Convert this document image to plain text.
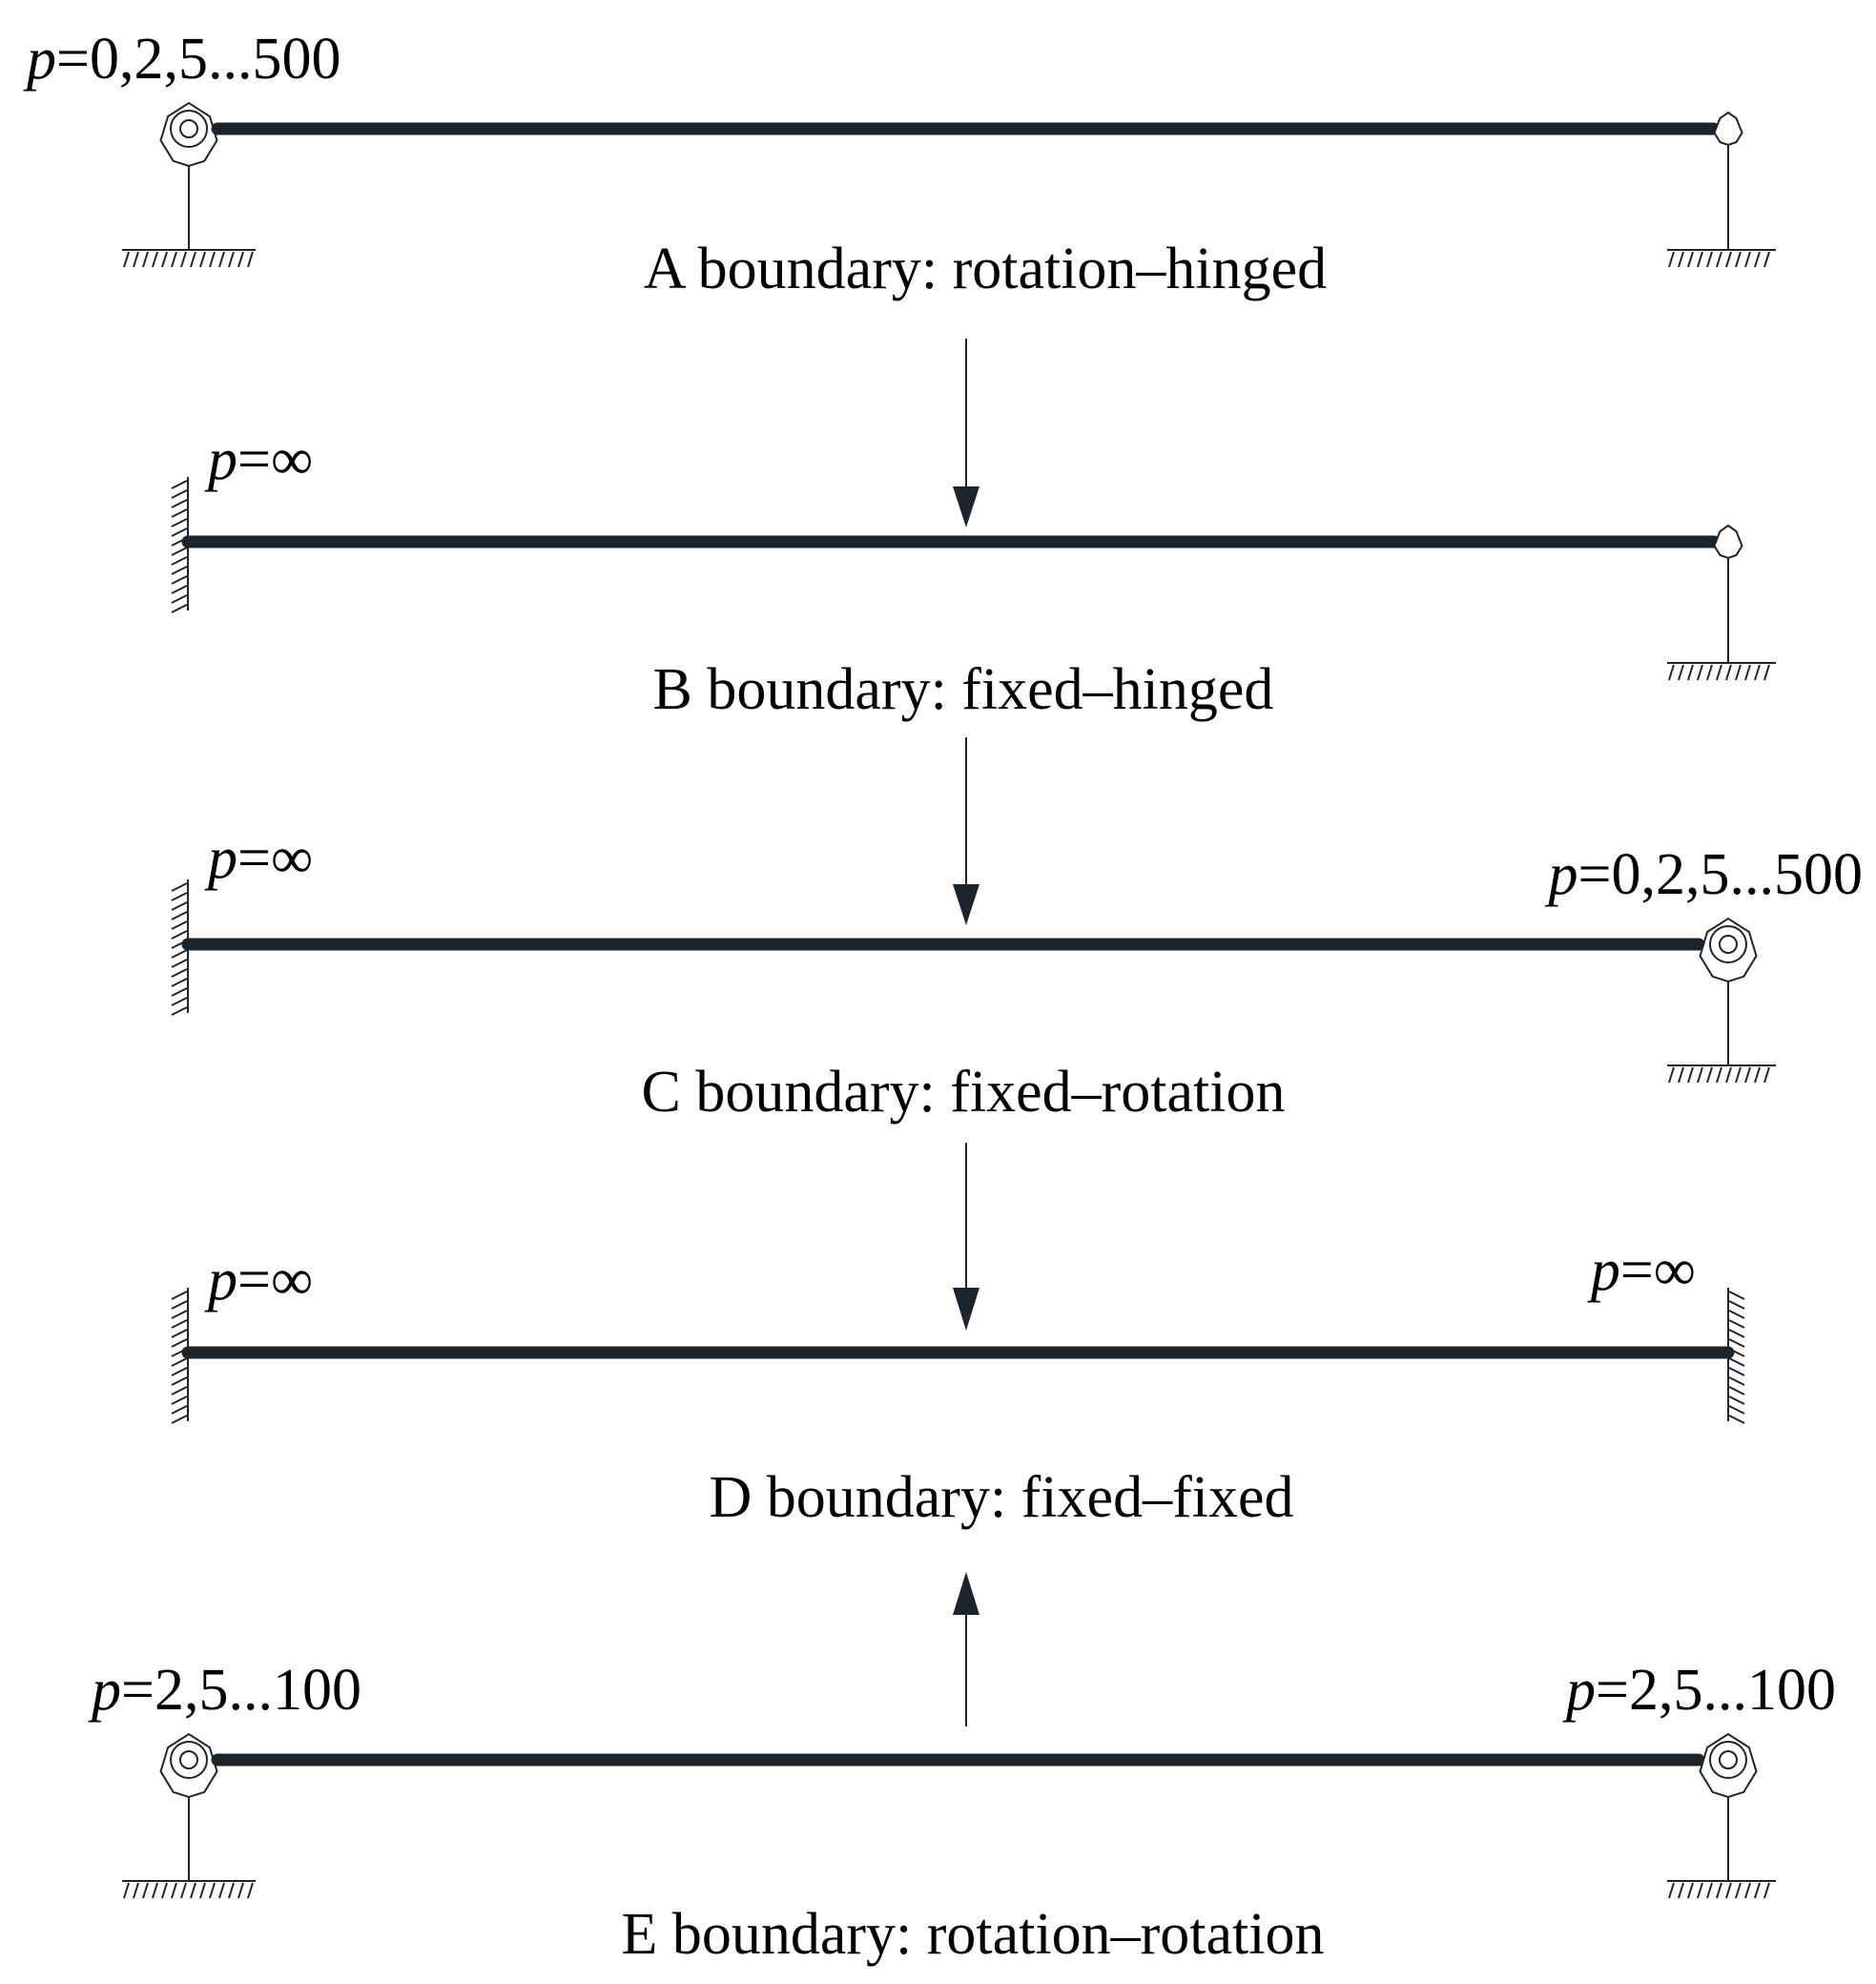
p=0,2,5...500
A boundary: rotation–hinged
p=∞
B boundary: fixed–hinged
p=∞	p=0,2,5...500
C boundary: fixed–rotation
p=∞	p=∞
D boundary: fixed–fixed
p=2,5...100	p=2,5...100
E boundary: rotation–rotation
